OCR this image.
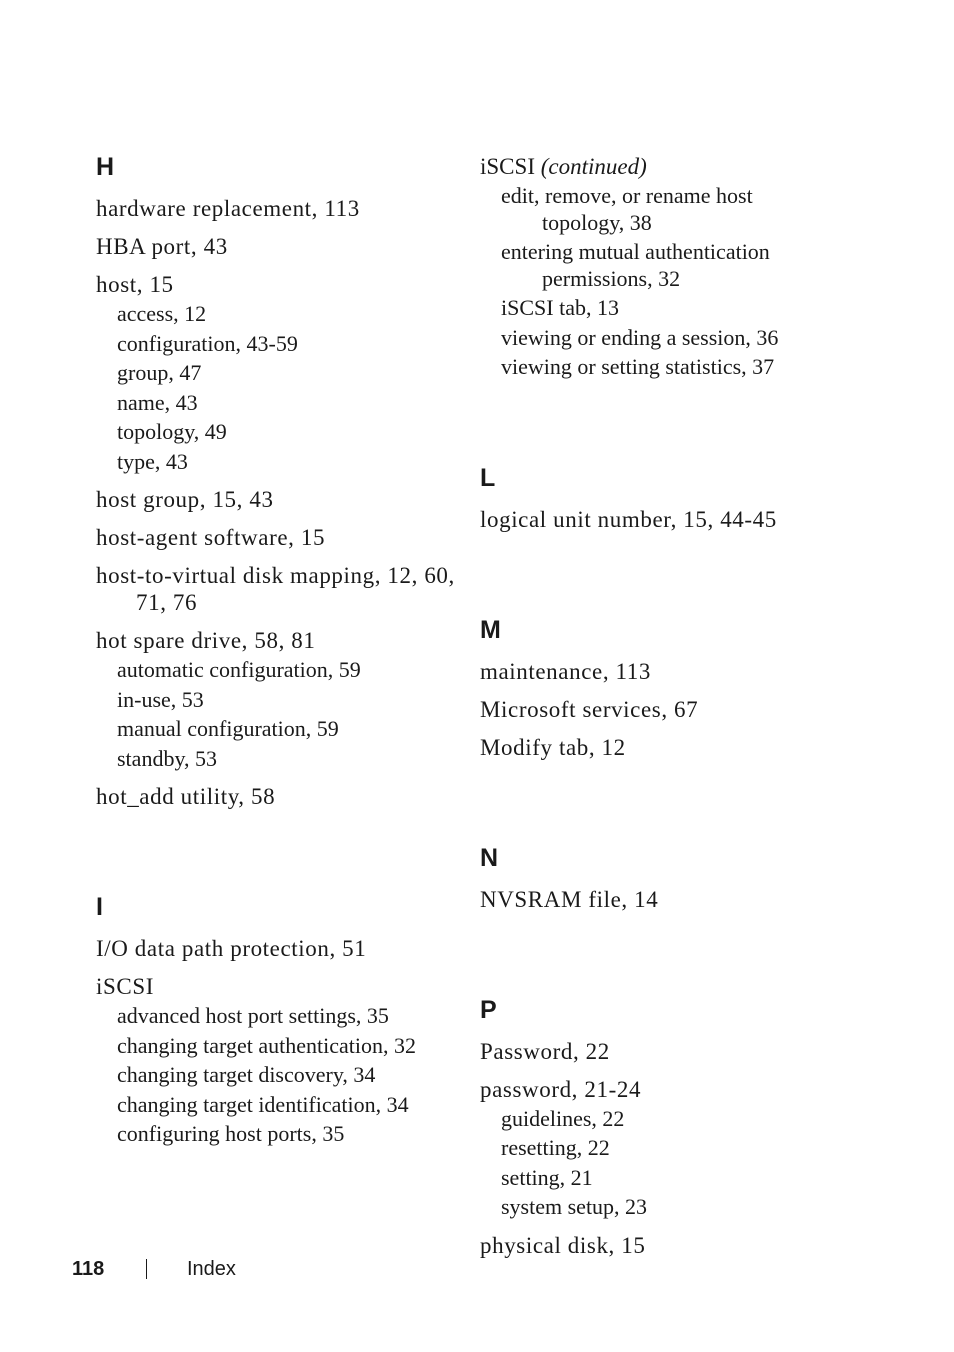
H
hardware replacement, 113
HBA port, 43
host, 15
access, 12
configuration, 43-59
group, 47
name, 43
topology, 49
type, 43
host group, 15, 43
host-agent software, 15
host-to-virtual disk mapping, 12, 60, 71, 76
hot spare drive, 58, 81
automatic configuration, 59
in-use, 53
manual configuration, 59
standby, 53
hot_add utility, 58
I
I/O data path protection, 51
iSCSI
advanced host port settings, 35
changing target authentication, 32
changing target discovery, 34
changing target identification, 34
configuring host ports, 35
iSCSI (continued)
edit, remove, or rename host topology, 38
entering mutual authentication permissions, 32
iSCSI tab, 13
viewing or ending a session, 36
viewing or setting statistics, 37
L
logical unit number, 15, 44-45
M
maintenance, 113
Microsoft services, 67
Modify tab, 12
N
NVSRAM file, 14
P
Password, 22
password, 21-24
guidelines, 22
resetting, 22
setting, 21
system setup, 23
physical disk, 15
118	Index
